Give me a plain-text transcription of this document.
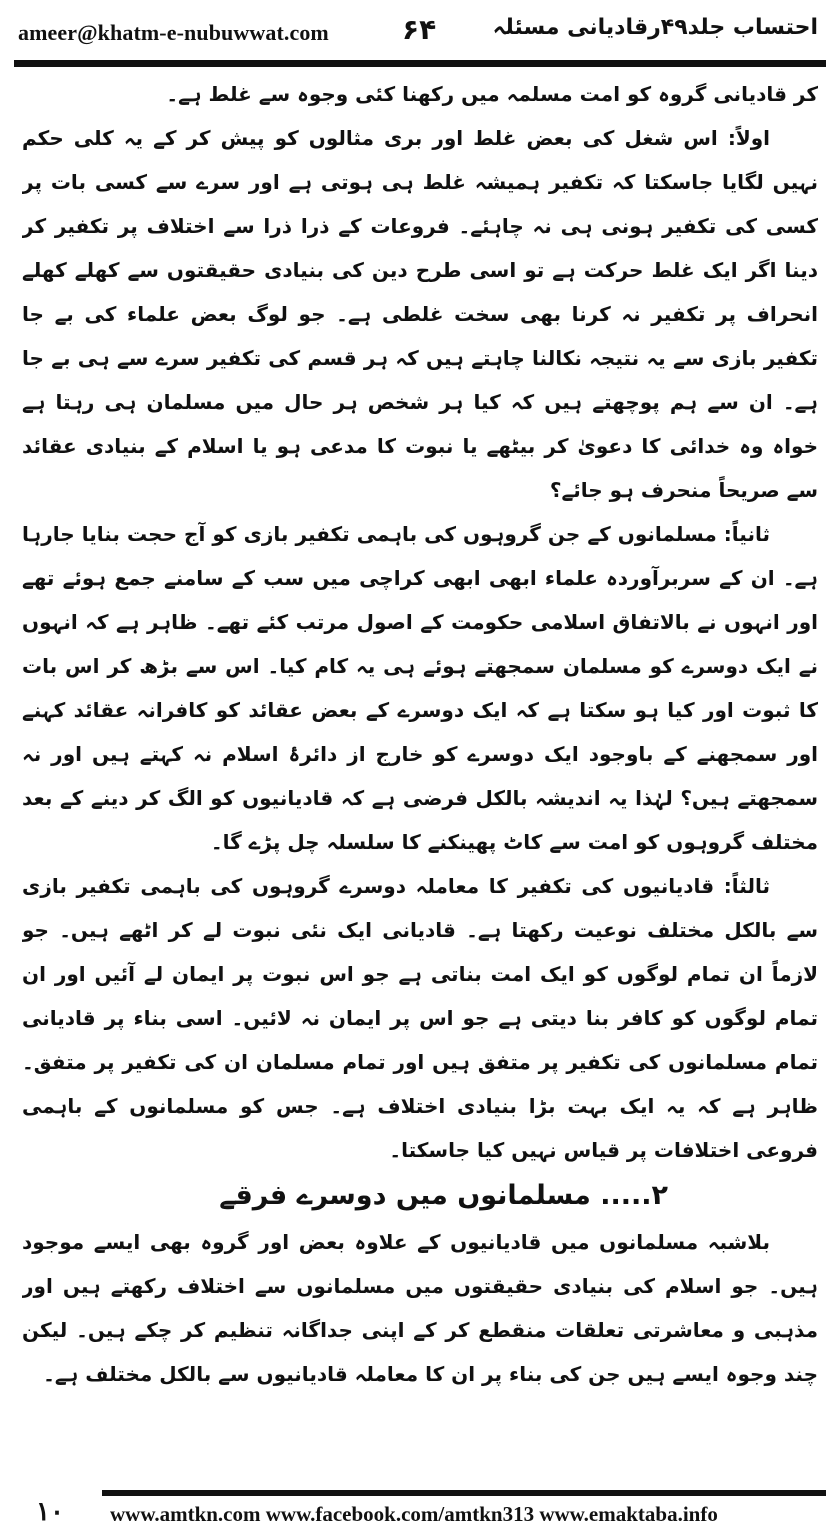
ameer@khatm-e-nubuwwat.com	۶۴	احتساب جلد۴۹رقادیانی مسئلہ

کر قادیانی گروہ کو امت مسلمہ میں رکھنا کئی وجوہ سے غلط ہے۔

اولاً: اس شغل کی بعض غلط اور بری مثالوں کو پیش کر کے یہ کلی حکم نہیں لگایا جاسکتا کہ تکفیر ہمیشہ غلط ہی ہوتی ہے اور سرے سے کسی بات پر کسی کی تکفیر ہونی ہی نہ چاہئے۔ فروعات کے ذرا ذرا سے اختلاف پر تکفیر کر دینا اگر ایک غلط حرکت ہے تو اسی طرح دین کی بنیادی حقیقتوں سے کھلے کھلے انحراف پر تکفیر نہ کرنا بھی سخت غلطی ہے۔ جو لوگ بعض علماء کی بے جا تکفیر بازی سے یہ نتیجہ نکالنا چاہتے ہیں کہ ہر قسم کی تکفیر سرے سے ہی بے جا ہے۔ ان سے ہم پوچھتے ہیں کہ کیا ہر شخص ہر حال میں مسلمان ہی رہتا ہے خواہ وہ خدائی کا دعویٰ کر بیٹھے یا نبوت کا مدعی ہو یا اسلام کے بنیادی عقائد سے صریحاً منحرف ہو جائے؟

ثانیاً: مسلمانوں کے جن گروہوں کی باہمی تکفیر بازی کو آج حجت بنایا جارہا ہے۔ ان کے سربرآوردہ علماء ابھی ابھی کراچی میں سب کے سامنے جمع ہوئے تھے اور انہوں نے بالاتفاق اسلامی حکومت کے اصول مرتب کئے تھے۔ ظاہر ہے کہ انہوں نے ایک دوسرے کو مسلمان سمجھتے ہوئے ہی یہ کام کیا۔ اس سے بڑھ کر اس بات کا ثبوت اور کیا ہو سکتا ہے کہ ایک دوسرے کے بعض عقائد کو کافرانہ عقائد کہنے اور سمجھنے کے باوجود ایک دوسرے کو خارج از دائرۂ اسلام نہ کہتے ہیں اور نہ سمجھتے ہیں؟ لہٰذا یہ اندیشہ بالکل فرضی ہے کہ قادیانیوں کو الگ کر دینے کے بعد مختلف گروہوں کو امت سے کاٹ پھینکنے کا سلسلہ چل پڑے گا۔

ثالثاً: قادیانیوں کی تکفیر کا معاملہ دوسرے گروہوں کی باہمی تکفیر بازی سے بالکل مختلف نوعیت رکھتا ہے۔ قادیانی ایک نئی نبوت لے کر اٹھے ہیں۔ جو لازماً ان تمام لوگوں کو ایک امت بناتی ہے جو اس نبوت پر ایمان لے آئیں اور ان تمام لوگوں کو کافر بنا دیتی ہے جو اس پر ایمان نہ لائیں۔ اسی بناء پر قادیانی تمام مسلمانوں کی تکفیر پر متفق ہیں اور تمام مسلمان ان کی تکفیر پر متفق۔ ظاہر ہے کہ یہ ایک بہت بڑا بنیادی اختلاف ہے۔ جس کو مسلمانوں کے باہمی فروعی اختلافات پر قیاس نہیں کیا جاسکتا۔

۲..... مسلمانوں میں دوسرے فرقے

بلاشبہ مسلمانوں میں قادیانیوں کے علاوہ بعض اور گروہ بھی ایسے موجود ہیں۔ جو اسلام کی بنیادی حقیقتوں میں مسلمانوں سے اختلاف رکھتے ہیں اور مذہبی و معاشرتی تعلقات منقطع کر کے اپنی جداگانہ تنظیم کر چکے ہیں۔ لیکن چند وجوہ ایسے ہیں جن کی بناء پر ان کا معاملہ قادیانیوں سے بالکل مختلف ہے۔

۱۰	www.amtkn.com www.facebook.com/amtkn313 www.emaktaba.info
